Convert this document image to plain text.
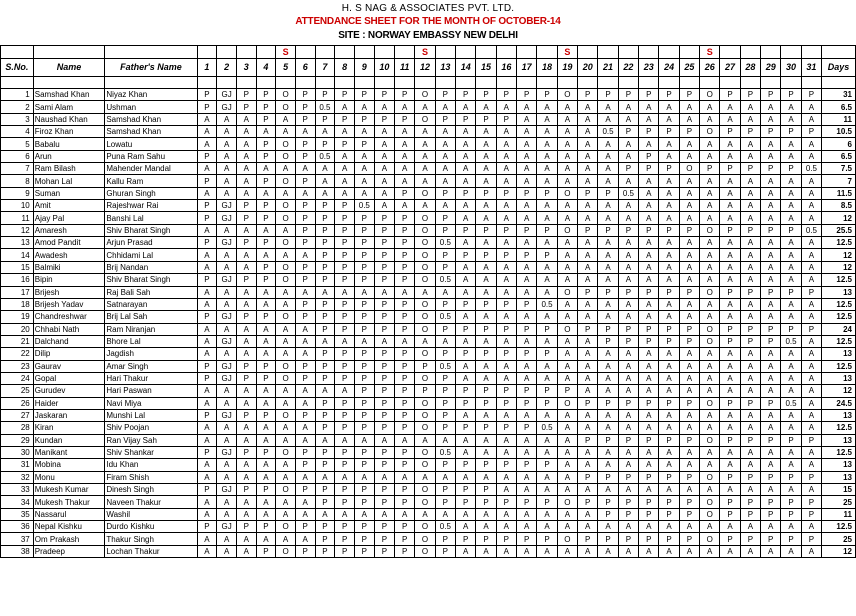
H. S NAG & ASSOCIATES PVT. LTD.
ATTENDANCE SHEET FOR THE MONTH OF OCTOBER-14
SITE : NORWAY EMBASSY NEW DELHI
							S							S							S							S						
S.No.	Name	Father's Name	1	2	3	4	5	6	7	8	9	10	11	12	13	14	15	16	17	18	19	20	21	22	23	24	25	26	27	28	29	30	31	Days

1	Samshad Khan	Niyaz Khan	P	GJ	P	P	O	P	P	P	P	P	P	O	P	P	P	P	P	P	O	P	P	P	P	P	P	O	P	P	P	P	P	31
2	Sami Alam	Ushman	P	GJ	P	P	O	P	0.5	A	A	A	A	A	A	A	A	A	A	A	A	A	A	A	A	A	A	A	A	A	A	A	A	6.5
3	Naushad Khan	Samshad Khan	A	A	A	P	A	P	P	P	P	P	P	O	P	P	P	P	A	A	A	A	A	A	A	A	A	A	A	A	A	A	A	11
4	Firoz Khan	Samshad Khan	A	A	A	A	A	A	A	A	A	A	A	A	A	A	A	A	A	A	A	A	0.5	P	P	P	P	O	P	P	P	P	P	10.5
5	Babalu	Lowatu	A	A	A	P	O	P	P	P	P	A	A	A	A	A	A	A	A	A	A	A	A	A	A	A	A	A	A	A	A	A	A	6
6	Arun	Puna Ram Sahu	P	A	A	P	O	P	0.5	A	A	A	A	A	A	A	A	A	A	A	A	A	A	A	P	A	A	A	A	A	A	A	A	6.5
7	Ram Bilash	Mahender Mandal	A	A	A	A	A	A	A	A	A	A	A	A	A	A	A	A	A	A	A	A	A	P	P	P	O	P	P	P	P	P	0.5	7.5
8	Mohan Lal	Kallu Ram	P	A	A	P	O	P	A	A	A	A	A	A	A	A	A	A	A	A	A	A	A	A	A	A	A	A	A	A	A	A	A	7
9	Suman	Ghuran Singh	A	A	A	A	A	A	A	A	A	A	P	O	P	P	P	P	P	P	O	P	P	0.5	A	A	A	A	A	A	A	A	A	11.5
10	Amit	Rajeshwar Rai	P	GJ	P	P	O	P	P	P	0.5	A	A	A	A	A	A	A	A	A	A	A	A	A	A	A	A	A	A	A	A	A	A	8.5
11	Ajay Pal	Banshi Lal	P	GJ	P	P	O	P	P	P	P	P	P	O	P	A	A	A	A	A	A	A	A	A	A	A	A	A	A	A	A	A	A	12
12	Amaresh	Shiv Bharat Singh	A	A	A	A	A	P	P	P	P	P	P	O	P	P	P	P	P	P	O	P	P	P	P	P	P	O	P	P	P	P	0.5	25.5
13	Amod Pandit	Arjun Prasad	P	GJ	P	P	O	P	P	P	P	P	P	O	0.5	A	A	A	A	A	A	A	A	A	A	A	A	A	A	A	A	A	A	12.5
14	Awadesh	Chhidami Lal	A	A	A	A	A	A	P	P	P	P	P	O	P	P	P	P	P	P	A	A	A	A	A	A	A	A	A	A	A	A	A	12
15	Balmiki	Brij Nandan	A	A	A	P	O	P	P	P	P	P	P	O	P	A	A	A	A	A	A	A	A	A	A	A	A	A	A	A	A	A	A	12
16	Bipin	Shiv Bharat Singh	P	GJ	P	P	O	P	P	P	P	P	P	O	0.5	A	A	A	A	A	A	A	A	A	A	A	A	A	A	A	A	A	A	12.5
17	Brijesh	Raj Bali Sah	A	A	A	A	A	A	A	A	A	A	A	A	A	A	A	A	A	A	O	P	P	P	P	P	P	O	P	P	P	P	P	13
18	Brijesh Yadav	Satnarayan	A	A	A	A	A	P	P	P	P	P	P	O	P	P	P	P	P	0.5	A	A	A	A	A	A	A	A	A	A	A	A	A	12.5
19	Chandreshwar	Brij Lal Sah	P	GJ	P	P	O	P	P	P	P	P	P	O	0.5	A	A	A	A	A	A	A	A	A	A	A	A	A	A	A	A	A	A	12.5
20	Chhabi Nath	Ram Niranjan	A	A	A	A	A	A	P	P	P	P	P	O	P	P	P	P	P	P	O	P	P	P	P	P	P	O	P	P	P	P	P	24
21	Dalchand	Bhore Lal	A	GJ	A	A	A	A	A	A	A	A	A	A	A	A	A	A	A	A	A	A	P	P	P	P	P	O	P	P	P	0.5	A	12.5
22	Dilip	Jagdish	A	A	A	A	A	A	P	P	P	P	P	O	P	P	P	P	P	P	A	A	A	A	A	A	A	A	A	A	A	A	A	13
23	Gaurav	Amar Singh	P	GJ	P	P	O	P	P	P	P	P	P	P	0.5	A	A	A	A	A	A	A	A	A	A	A	A	A	A	A	A	A	A	12.5
24	Gopal	Hari Thakur	P	GJ	P	P	O	P	P	P	P	P	P	O	P	A	A	A	A	A	A	A	A	A	A	A	A	A	A	A	A	A	A	13
25	Gurudev	Hari Paswan	A	A	A	A	A	A	A	A	P	P	P	P	P	P	P	P	P	P	P	A	A	A	A	A	A	A	A	A	A	A	A	12
26	Haider	Navi Miya	A	A	A	A	A	A	P	P	P	P	P	O	P	P	P	P	P	P	O	P	P	P	P	P	P	O	P	P	P	0.5	A	24.5
27	Jaskaran	Munshi Lal	P	GJ	P	P	O	P	P	P	P	P	P	O	P	A	A	A	A	A	A	A	A	A	A	A	A	A	A	A	A	A	A	13
28	Kiran	Shiv Poojan	A	A	A	A	A	A	P	P	P	P	P	O	P	P	P	P	P	0.5	A	A	A	A	A	A	A	A	A	A	A	A	A	12.5
29	Kundan	Ran Vijay Sah	A	A	A	A	A	A	A	A	A	A	A	A	A	A	A	A	A	A	A	P	P	P	P	P	P	O	P	P	P	P	P	13
30	Manikant	Shiv Shankar	P	GJ	P	P	O	P	P	P	P	P	P	O	0.5	A	A	A	A	A	A	A	A	A	A	A	A	A	A	A	A	A	A	12.5
31	Mobina	Idu Khan	A	A	A	A	A	P	P	P	P	P	P	O	P	P	P	P	P	P	A	A	A	A	A	A	A	A	A	A	A	A	A	13
32	Monu	Firam Shish	A	A	A	A	A	A	A	A	A	A	A	A	A	A	A	A	A	A	A	P	P	P	P	P	P	O	P	P	P	P	P	13
33	Mukesh Kumar	Dinesh Singh	P	GJ	P	P	O	P	P	P	P	P	P	O	P	P	P	A	A	A	A	A	A	A	A	A	A	A	A	A	A	A	A	15
34	Mukesh Thakur	Naveen Thakur	A	A	A	A	A	A	P	P	P	P	P	O	P	P	P	P	P	P	O	P	P	P	P	P	P	O	P	P	P	P	P	25
35	Nassarul	Washil	A	A	A	A	A	A	A	A	A	A	A	A	A	A	A	A	A	A	A	A	P	P	P	P	P	O	P	P	P	P	P	11
36	Nepal Kishku	Durdo Kishku	P	GJ	P	P	O	P	P	P	P	P	P	O	0.5	A	A	A	A	A	A	A	A	A	A	A	A	A	A	A	A	A	A	12.5
37	Om Prakash	Thakur Singh	A	A	A	A	A	A	P	P	P	P	P	O	P	P	P	P	P	P	O	P	P	P	P	P	P	O	P	P	P	P	P	25
38	Pradeep	Lochan Thakur	A	A	A	P	O	P	P	P	P	P	P	O	P	A	A	A	A	A	A	A	A	A	A	A	A	A	A	A	A	A	A	12
